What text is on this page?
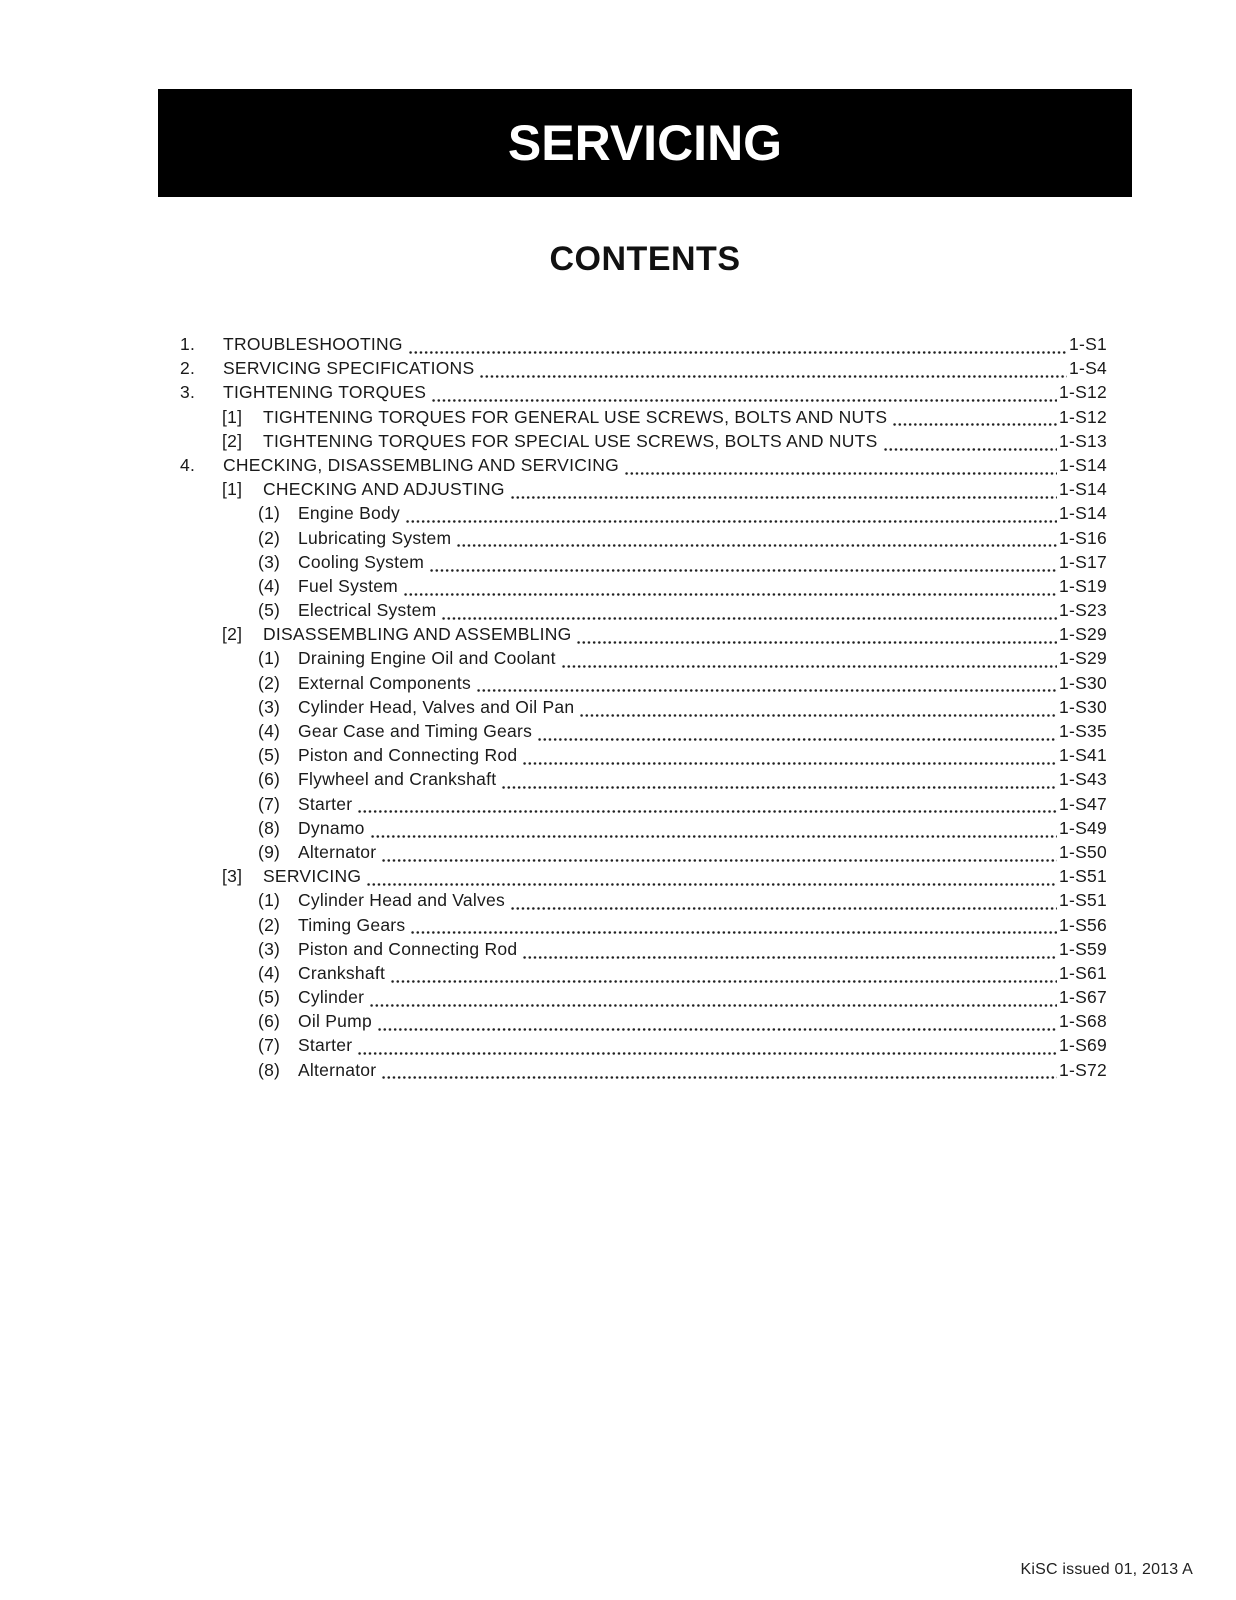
SERVICING
CONTENTS
1.	TROUBLESHOOTING	1-S1
2.	SERVICING SPECIFICATIONS	1-S4
3.	TIGHTENING TORQUES	1-S12
[1]	TIGHTENING TORQUES FOR GENERAL USE SCREWS, BOLTS AND NUTS	1-S12
[2]	TIGHTENING TORQUES FOR SPECIAL USE SCREWS, BOLTS AND NUTS	1-S13
4.	CHECKING, DISASSEMBLING AND SERVICING	1-S14
[1]	CHECKING AND ADJUSTING	1-S14
(1)	Engine Body	1-S14
(2)	Lubricating System	1-S16
(3)	Cooling System	1-S17
(4)	Fuel System	1-S19
(5)	Electrical System	1-S23
[2]	DISASSEMBLING AND ASSEMBLING	1-S29
(1)	Draining Engine Oil and Coolant	1-S29
(2)	External Components	1-S30
(3)	Cylinder Head, Valves and Oil Pan	1-S30
(4)	Gear Case and Timing Gears	1-S35
(5)	Piston and Connecting Rod	1-S41
(6)	Flywheel and Crankshaft	1-S43
(7)	Starter	1-S47
(8)	Dynamo	1-S49
(9)	Alternator	1-S50
[3]	SERVICING	1-S51
(1)	Cylinder Head and Valves	1-S51
(2)	Timing Gears	1-S56
(3)	Piston and Connecting Rod	1-S59
(4)	Crankshaft	1-S61
(5)	Cylinder	1-S67
(6)	Oil Pump	1-S68
(7)	Starter	1-S69
(8)	Alternator	1-S72
KiSC issued 01, 2013 A
